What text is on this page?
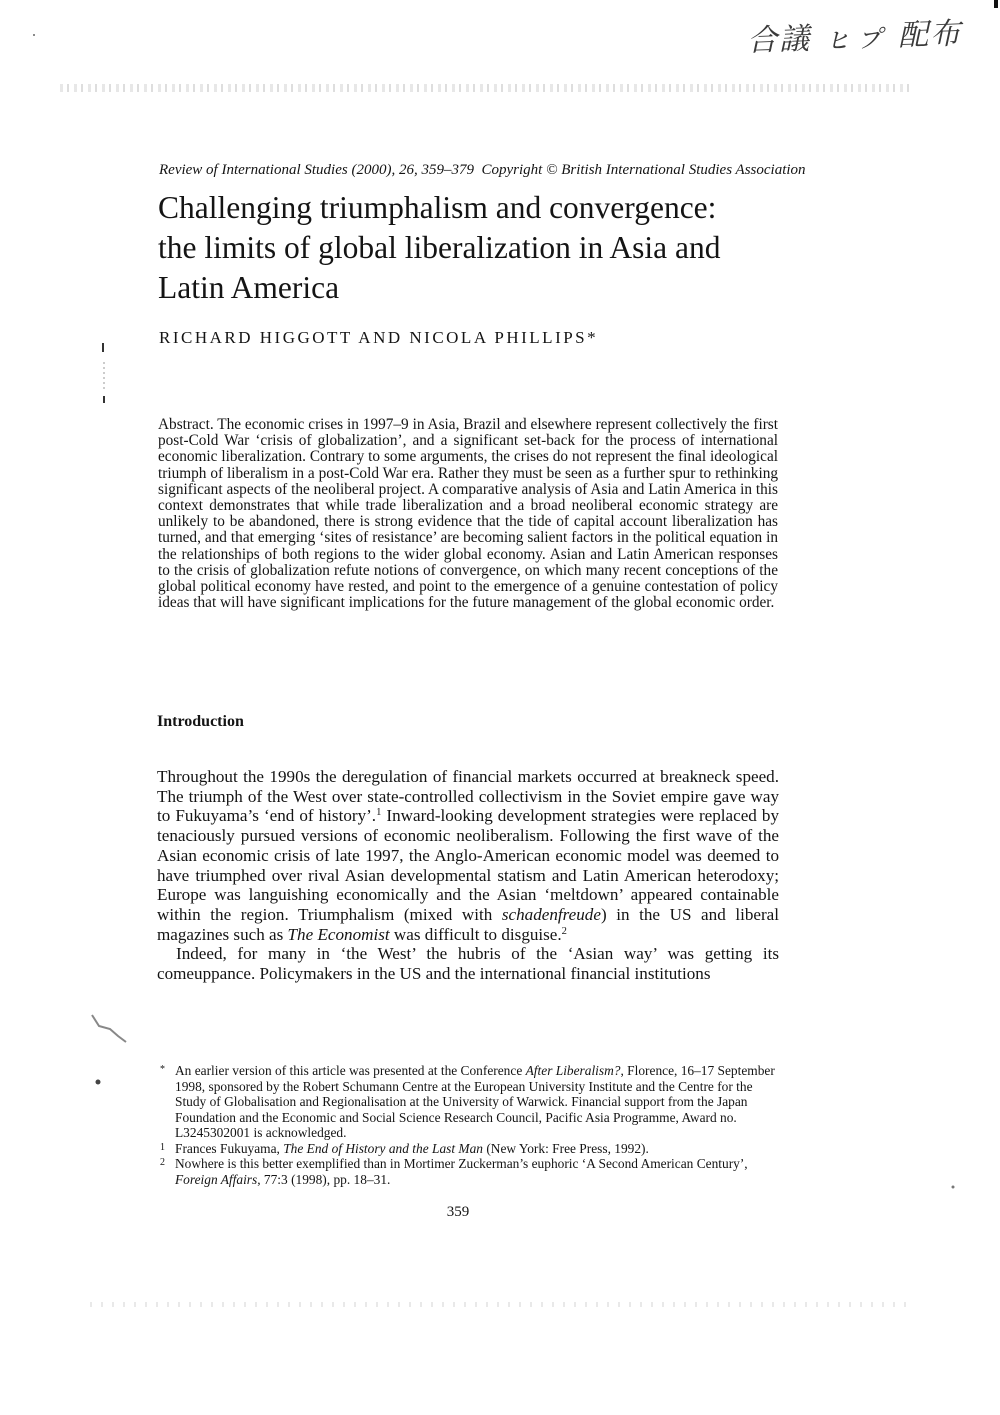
合議 ㇶㇷ゚ 配布
Review of International Studies (2000), 26, 359–379 Copyright © British International Studies Association
Challenging triumphalism and convergence:
the limits of global liberalization in Asia and
Latin America
RICHARD HIGGOTT AND NICOLA PHILLIPS*

Abstract. The economic crises in 1997–9 in Asia, Brazil and elsewhere represent collectively the first post-Cold War ‘crisis of globalization’, and a significant set-back for the process of international economic liberalization. Contrary to some arguments, the crises do not represent the final ideological triumph of liberalism in a post-Cold War era. Rather they must be seen as a further spur to rethinking significant aspects of the neoliberal project. A comparative analysis of Asia and Latin America in this context demonstrates that while trade liberalization and a broad neoliberal economic strategy are unlikely to be abandoned, there is strong evidence that the tide of capital account liberalization has turned, and that emerging ‘sites of resistance’ are becoming salient factors in the political equation in the relationships of both regions to the wider global economy. Asian and Latin American responses to the crisis of globalization refute notions of convergence, on which many recent conceptions of the global political economy have rested, and point to the emergence of a genuine contestation of policy ideas that will have significant implications for the future management of the global economic order.

Introduction

Throughout the 1990s the deregulation of financial markets occurred at breakneck speed. The triumph of the West over state-controlled collectivism in the Soviet empire gave way to Fukuyama’s ‘end of history’.$^1$ Inward-looking development strategies were replaced by tenaciously pursued versions of economic neoliberalism. Following the first wave of the Asian economic crisis of late 1997, the Anglo-American economic model was deemed to have triumphed over rival Asian developmental statism and Latin American heterodoxy; Europe was languishing economically and the Asian ‘meltdown’ appeared containable within the region. Triumphalism (mixed with schadenfreude) in the US and liberal magazines such as The Economist was difficult to disguise.$^2$

Indeed, for many in ‘the West’ the hubris of the ‘Asian way’ was getting its comeuppance. Policymakers in the US and the international financial institutions

* An earlier version of this article was presented at the Conference After Liberalism?, Florence, 16–17 September 1998, sponsored by the Robert Schumann Centre at the European University Institute and the Centre for the Study of Globalisation and Regionalisation at the University of Warwick. Financial support from the Japan Foundation and the Economic and Social Science Research Council, Pacific Asia Programme, Award no. L3245302001 is acknowledged.
1 Frances Fukuyama, The End of History and the Last Man (New York: Free Press, 1992).
2 Nowhere is this better exemplified than in Mortimer Zuckerman’s euphoric ‘A Second American Century’, Foreign Affairs, 77:3 (1998), pp. 18–31.
359
